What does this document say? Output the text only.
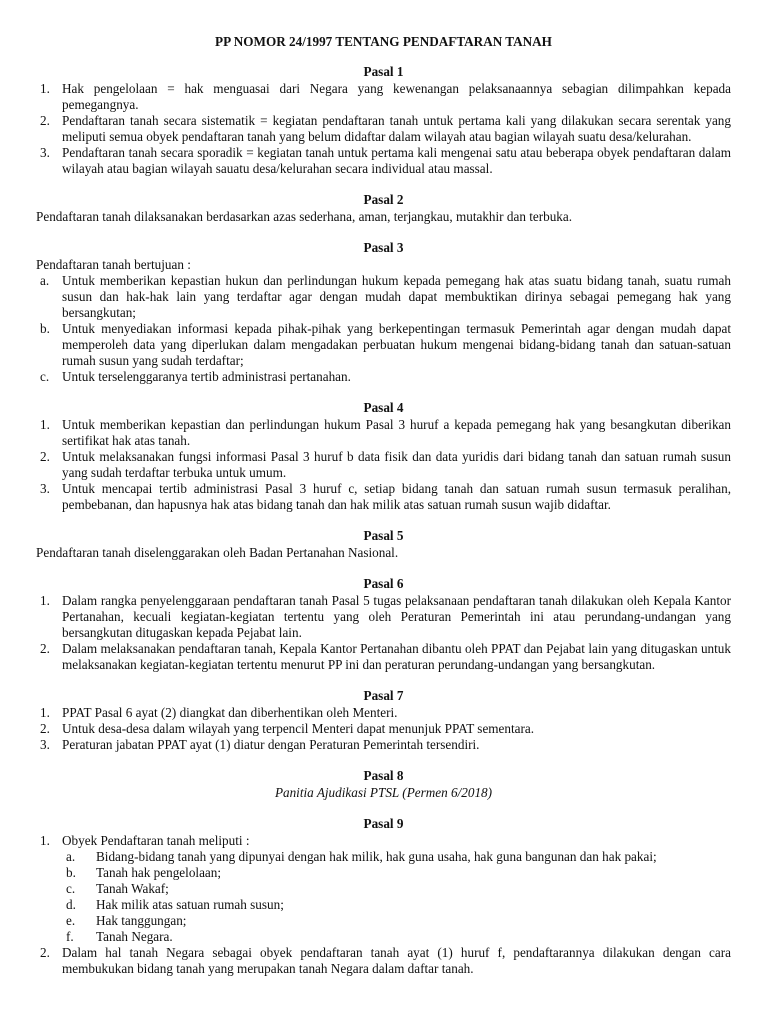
PP NOMOR 24/1997 TENTANG PENDAFTARAN TANAH
Pasal 1
1. Hak pengelolaan = hak menguasai dari Negara yang kewenangan pelaksanaannya sebagian dilimpahkan kepada pemegangnya.
2. Pendaftaran tanah secara sistematik = kegiatan pendaftaran tanah untuk pertama kali yang dilakukan secara serentak yang meliputi semua obyek pendaftaran tanah yang belum didaftar dalam wilayah atau bagian wilayah suatu desa/kelurahan.
3. Pendaftaran tanah secara sporadik = kegiatan tanah untuk pertama kali mengenai satu atau beberapa obyek pendaftaran dalam wilayah atau bagian wilayah sauatu desa/kelurahan secara individual atau massal.
Pasal 2

Pendaftaran tanah dilaksanakan berdasarkan azas sederhana, aman, terjangkau, mutakhir dan terbuka.

Pasal 3

Pendaftaran tanah bertujuan :

a. Untuk memberikan kepastian hukun dan perlindungan hukum kepada pemegang hak atas suatu bidang tanah, suatu rumah susun dan hak-hak lain yang terdaftar agar dengan mudah dapat membuktikan dirinya sebagai pemegang hak yang bersangkutan;
b. Untuk menyediakan informasi kepada pihak-pihak yang berkepentingan termasuk Pemerintah agar dengan mudah dapat memperoleh data yang diperlukan dalam mengadakan perbuatan hukum mengenai bidang-bidang tanah dan satuan-satuan rumah susun yang sudah terdaftar;
c. Untuk terselenggaranya tertib administrasi pertanahan.
Pasal 4
1. Untuk memberikan kepastian dan perlindungan hukum Pasal 3 huruf a kepada pemegang hak yang besangkutan diberikan sertifikat hak atas tanah.
2. Untuk melaksanakan fungsi informasi Pasal 3 huruf b data fisik dan data yuridis dari bidang tanah dan satuan rumah susun yang sudah terdaftar terbuka untuk umum.
3. Untuk mencapai tertib administrasi Pasal 3 huruf c, setiap bidang tanah dan satuan rumah susun termasuk peralihan, pembebanan, dan hapusnya hak atas bidang tanah dan hak milik atas satuan rumah susun wajib didaftar.
Pasal 5

Pendaftaran tanah diselenggarakan oleh Badan Pertanahan Nasional.

Pasal 6
1. Dalam rangka penyelenggaraan pendaftaran tanah Pasal 5 tugas pelaksanaan pendaftaran tanah dilakukan oleh Kepala Kantor Pertanahan, kecuali kegiatan-kegiatan tertentu yang oleh Peraturan Pemerintah ini atau perundang-undangan yang bersangkutan ditugaskan kepada Pejabat lain.
2. Dalam melaksanakan pendaftaran tanah, Kepala Kantor Pertanahan dibantu oleh PPAT dan Pejabat lain yang ditugaskan untuk melaksanakan kegiatan-kegiatan tertentu menurut PP ini dan peraturan perundang-undangan yang bersangkutan.
Pasal 7
1. PPAT Pasal 6 ayat (2) diangkat dan diberhentikan oleh Menteri.
2. Untuk desa-desa dalam wilayah yang terpencil Menteri dapat menunjuk PPAT sementara.
3. Peraturan jabatan PPAT ayat (1) diatur dengan Peraturan Pemerintah tersendiri.
Pasal 8
Panitia Ajudikasi PTSL (Permen 6/2018)
Pasal 9
1. Obyek Pendaftaran tanah meliputi :
a.	Bidang-bidang tanah yang dipunyai dengan hak milik, hak guna usaha, hak guna bangunan dan hak pakai;
b.	Tanah hak pengelolaan;
c.	Tanah Wakaf;
d.	Hak milik atas satuan rumah susun;
e.	Hak tanggungan;
f.	Tanah Negara.
2. Dalam hal tanah Negara sebagai obyek pendaftaran tanah ayat (1) huruf f, pendaftarannya dilakukan dengan cara membukukan bidang tanah yang merupakan tanah Negara dalam daftar tanah.
